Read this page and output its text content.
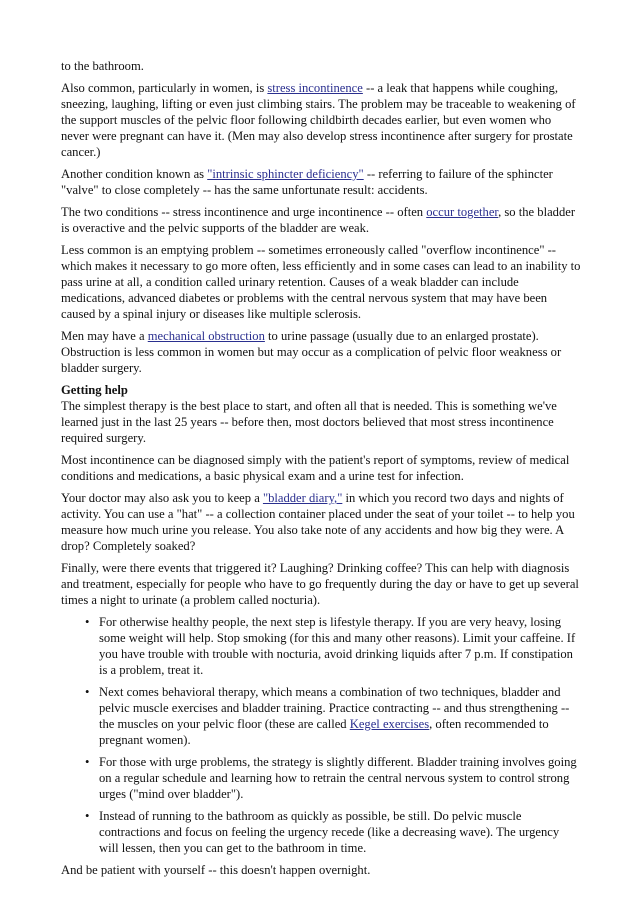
to the bathroom.

Also common, particularly in women, is stress incontinence -- a leak that happens while coughing, sneezing, laughing, lifting or even just climbing stairs. The problem may be traceable to weakening of the support muscles of the pelvic floor following childbirth decades earlier, but even women who never were pregnant can have it. (Men may also develop stress incontinence after surgery for prostate cancer.)

Another condition known as "intrinsic sphincter deficiency" -- referring to failure of the sphincter "valve" to close completely -- has the same unfortunate result: accidents.

The two conditions -- stress incontinence and urge incontinence -- often occur together, so the bladder is overactive and the pelvic supports of the bladder are weak.

Less common is an emptying problem -- sometimes erroneously called "overflow incontinence" -- which makes it necessary to go more often, less efficiently and in some cases can lead to an inability to pass urine at all, a condition called urinary retention. Causes of a weak bladder can include medications, advanced diabetes or problems with the central nervous system that may have been caused by a spinal injury or diseases like multiple sclerosis.

Men may have a mechanical obstruction to urine passage (usually due to an enlarged prostate). Obstruction is less common in women but may occur as a complication of pelvic floor weakness or bladder surgery.

Getting help
The simplest therapy is the best place to start, and often all that is needed. This is something we've learned just in the last 25 years -- before then, most doctors believed that most stress incontinence required surgery.

Most incontinence can be diagnosed simply with the patient's report of symptoms, review of medical conditions and medications, a basic physical exam and a urine test for infection.

Your doctor may also ask you to keep a "bladder diary," in which you record two days and nights of activity. You can use a "hat" -- a collection container placed under the seat of your toilet -- to help you measure how much urine you release. You also take note of any accidents and how big they were. A drop? Completely soaked?

Finally, were there events that triggered it? Laughing? Drinking coffee? This can help with diagnosis and treatment, especially for people who have to go frequently during the day or have to get up several times a night to urinate (a problem called nocturia).

• For otherwise healthy people, the next step is lifestyle therapy. If you are very heavy, losing some weight will help. Stop smoking (for this and many other reasons). Limit your caffeine. If you have trouble with trouble with nocturia, avoid drinking liquids after 7 p.m. If constipation is a problem, treat it.
• Next comes behavioral therapy, which means a combination of two techniques, bladder and pelvic muscle exercises and bladder training. Practice contracting -- and thus strengthening -- the muscles on your pelvic floor (these are called Kegel exercises, often recommended to pregnant women).
• For those with urge problems, the strategy is slightly different. Bladder training involves going on a regular schedule and learning how to retrain the central nervous system to control strong urges ("mind over bladder").
• Instead of running to the bathroom as quickly as possible, be still. Do pelvic muscle contractions and focus on feeling the urgency recede (like a decreasing wave). The urgency will lessen, then you can get to the bathroom in time.

And be patient with yourself -- this doesn't happen overnight.
